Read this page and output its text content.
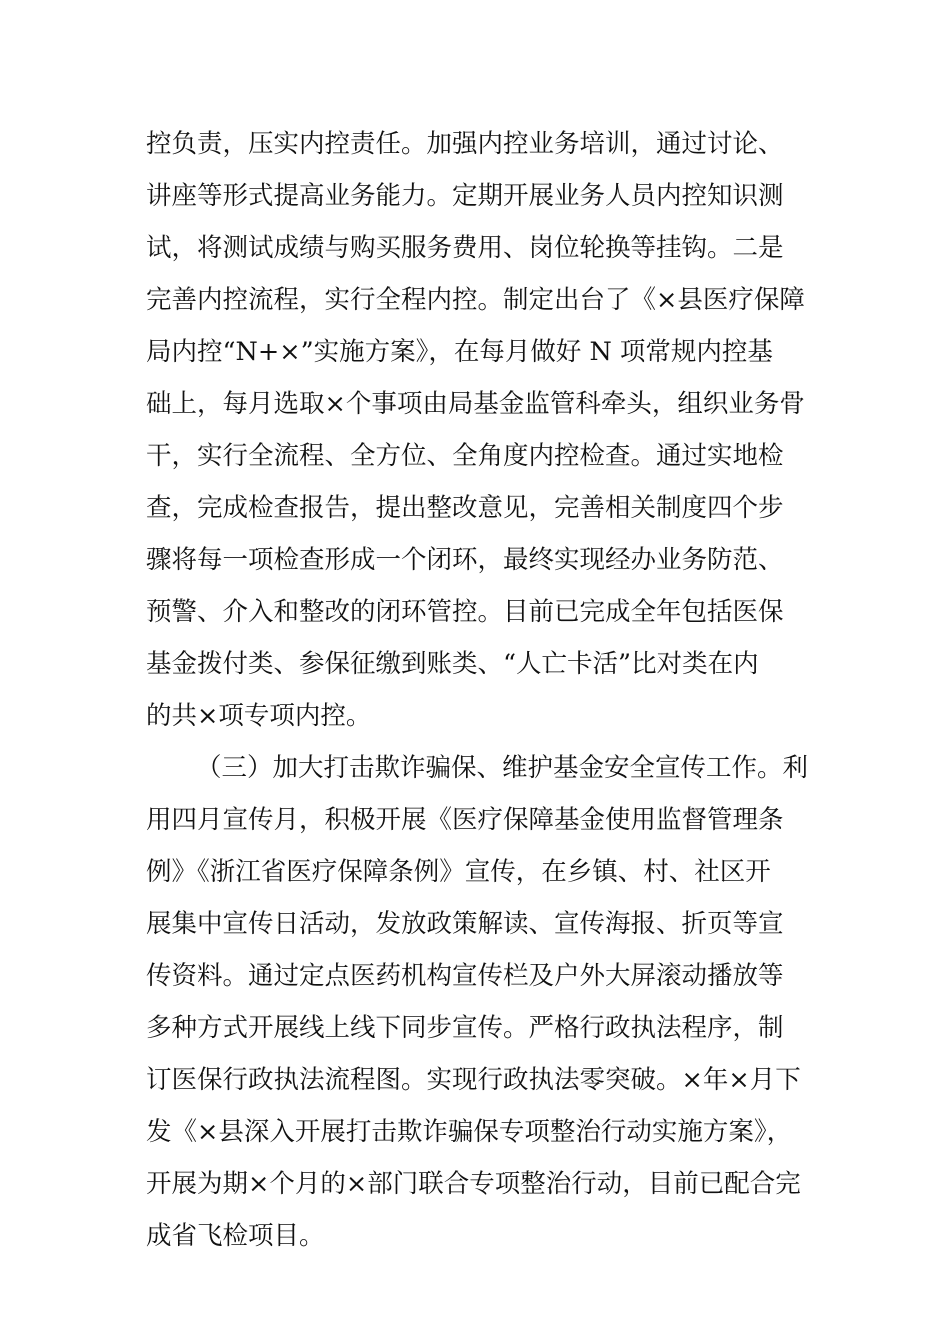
控负责，压实内控责任。加强内控业务培训，通过讨论、

讲座等形式提高业务能力。定期开展业务人员内控知识测

试，将测试成绩与购买服务费用、岗位轮换等挂钩。二是

完善内控流程，实行全程内控。制定出台了《×县医疗保障

局内控“N+×”实施方案》，在每月做好 N 项常规内控基

础上，每月选取×个事项由局基金监管科牵头，组织业务骨

干，实行全流程、全方位、全角度内控检查。通过实地检

查，完成检查报告，提出整改意见，完善相关制度四个步

骤将每一项检查形成一个闭环，最终实现经办业务防范、

预警、介入和整改的闭环管控。目前已完成全年包括医保

基金拨付类、参保征缴到账类、“人亡卡活”比对类在内

的共×项专项内控。

（三）加大打击欺诈骗保、维护基金安全宣传工作。利

用四月宣传月，积极开展《医疗保障基金使用监督管理条

例》《浙江省医疗保障条例》宣传，在乡镇、村、社区开

展集中宣传日活动，发放政策解读、宣传海报、折页等宣

传资料。通过定点医药机构宣传栏及户外大屏滚动播放等

多种方式开展线上线下同步宣传。严格行政执法程序，制

订医保行政执法流程图。实现行政执法零突破。×年×月下

发《×县深入开展打击欺诈骗保专项整治行动实施方案》，

开展为期×个月的×部门联合专项整治行动，目前已配合完

成省飞检项目。
